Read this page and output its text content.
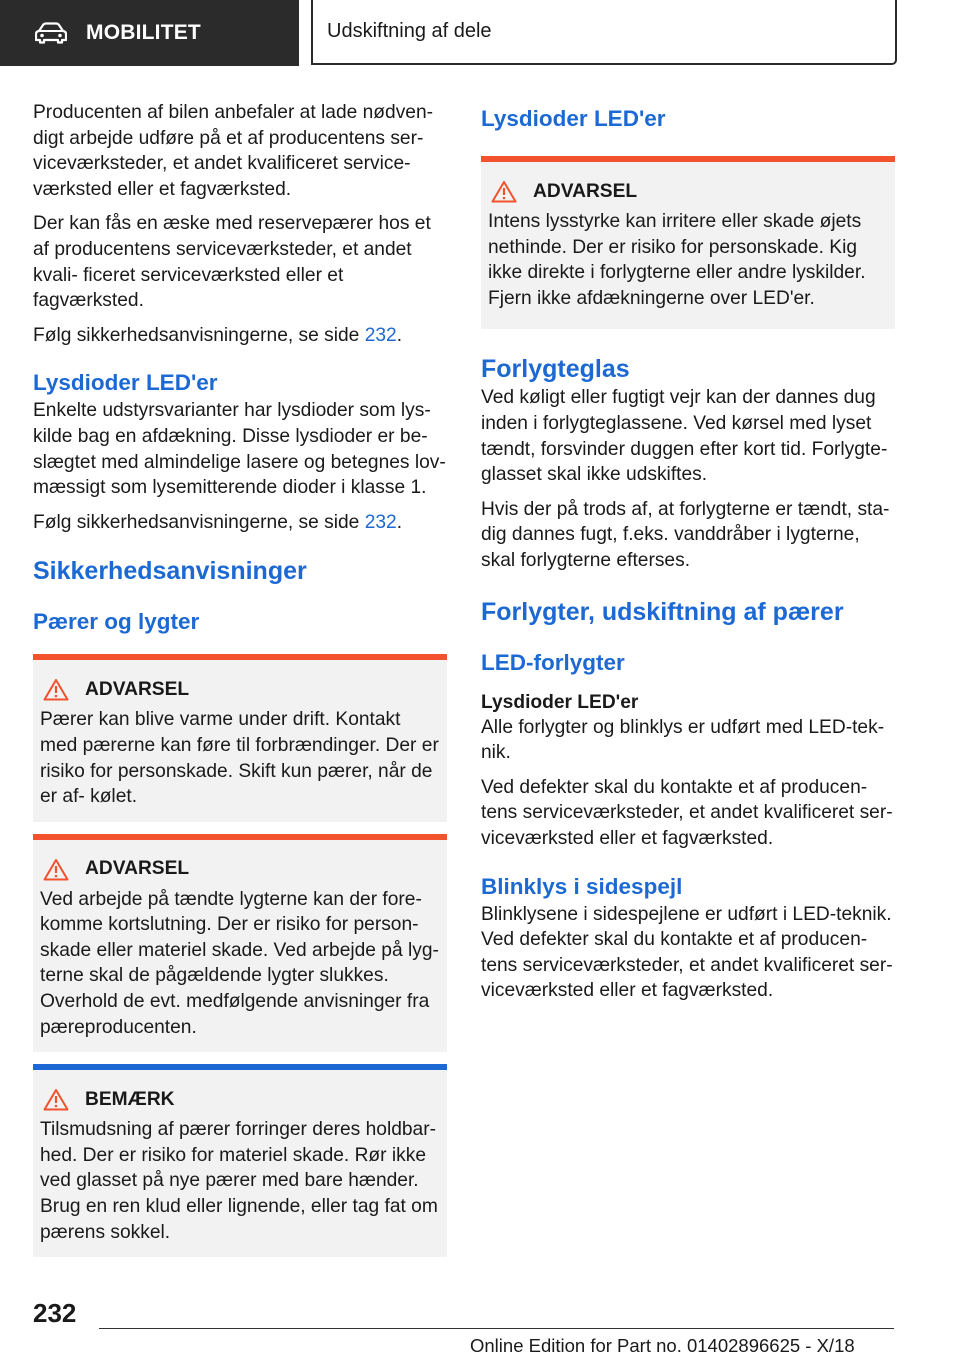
MOBILITET	Udskiftning af dele

Producenten af bilen anbefaler at lade nødven‐ digt arbejde udføre på et af producentens ser‐ viceværksteder, et andet kvalificeret service‐ værksted eller et fagværksted.

Der kan fås en æske med reservepærer hos et af producentens serviceværksteder, et andet kvali‐ ficeret serviceværksted eller et fagværksted.

Følg sikkerhedsanvisningerne, se side 232.

Lysdioder LED'er

Enkelte udstyrsvarianter har lysdioder som lys‐ kilde bag en afdækning. Disse lysdioder er be‐ slægtet med almindelige lasere og betegnes lov‐ mæssigt som lysemitterende dioder i klasse 1.

Følg sikkerhedsanvisningerne, se side 232.

Sikkerhedsanvisninger
Pærer og lygter
ADVARSEL

Pærer kan blive varme under drift. Kontakt med pærerne kan føre til forbrændinger. Der er risiko for personskade. Skift kun pærer, når de er af‐ kølet.

ADVARSEL

Ved arbejde på tændte lygterne kan der fore‐ komme kortslutning. Der er risiko for person‐ skade eller materiel skade. Ved arbejde på lyg‐ terne skal de pågældende lygter slukkes. Overhold de evt. medfølgende anvisninger fra pæreproducenten.

BEMÆRK

Tilsmudsning af pærer forringer deres holdbar‐ hed. Der er risiko for materiel skade. Rør ikke ved glasset på nye pærer med bare hænder. Brug en ren klud eller lignende, eller tag fat om pærens sokkel.

Lysdioder LED'er
ADVARSEL

Intens lysstyrke kan irritere eller skade øjets nethinde. Der er risiko for personskade. Kig ikke direkte i forlygterne eller andre lyskilder. Fjern ikke afdækningerne over LED'er.

Forlygteglas

Ved køligt eller fugtigt vejr kan der dannes dug inden i forlygteglassene. Ved kørsel med lyset tændt, forsvinder duggen efter kort tid. Forlygte‐ glasset skal ikke udskiftes.

Hvis der på trods af, at forlygterne er tændt, sta‐ dig dannes fugt, f.eks. vanddråber i lygterne, skal forlygterne efterses.

Forlygter, udskiftning af pærer
LED-forlygter
Lysdioder LED'er

Alle forlygter og blinklys er udført med LED-tek‐ nik.

Ved defekter skal du kontakte et af producen‐ tens serviceværksteder, et andet kvalificeret ser‐ viceværksted eller et fagværksted.

Blinklys i sidespejl

Blinklysene i sidespejlene er udført i LED-teknik. Ved defekter skal du kontakte et af producen‐ tens serviceværksteder, et andet kvalificeret ser‐ viceværksted eller et fagværksted.

232
Online Edition for Part no. 01402896625 - X/18
